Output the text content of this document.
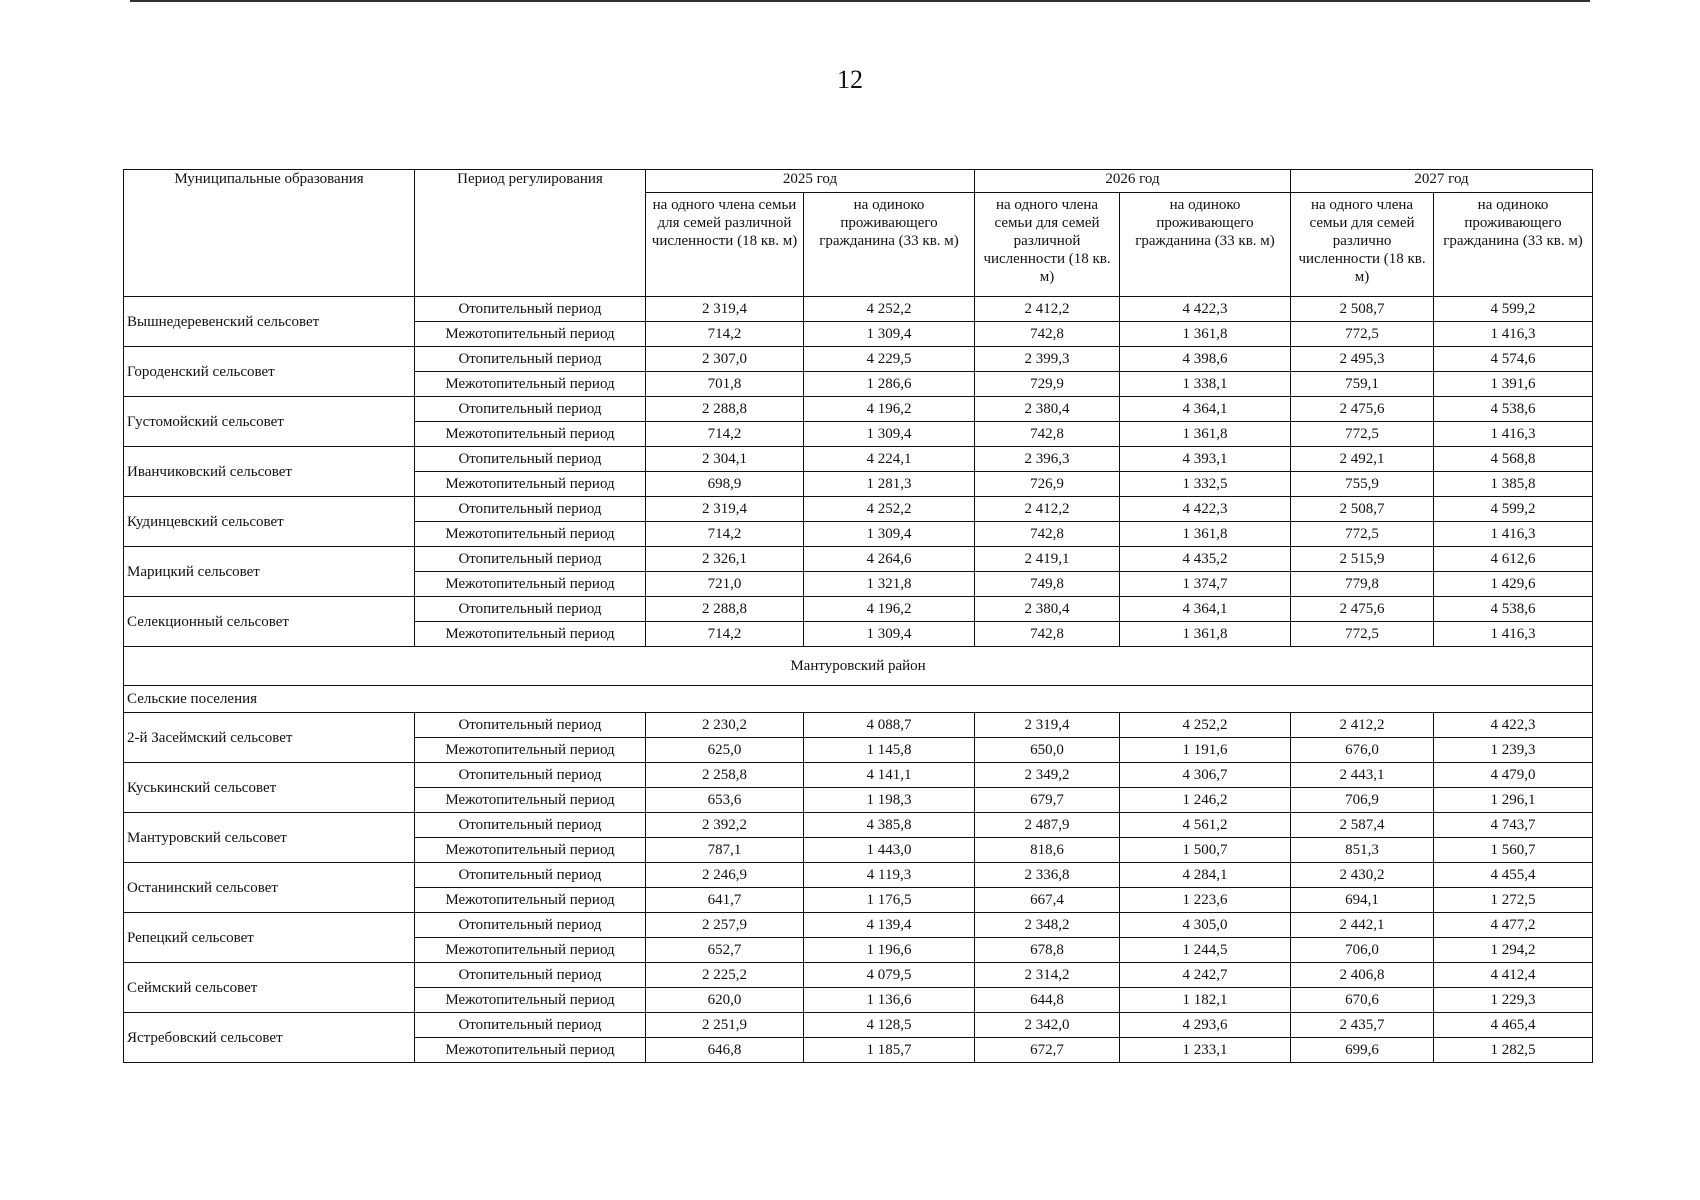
12
Муниципальные образования	Период регулирования	2025 год		2026 год		2027 год	
		на одного члена семьи для семей различной численности (18 кв. м)	на одиноко проживающего гражданина (33 кв. м)	на одного члена семьи для семей различной численности (18 кв. м)	на одиноко проживающего гражданина (33 кв. м)	на одного члена семьи для семей различно численности (18 кв. м)	на одиноко проживающего гражданина (33 кв. м)
Вышнедеревенский сельсовет	Отопительный период	2 319,4	4 252,2	2 412,2	4 422,3	2 508,7	4 599,2
	Межотопительный период	714,2	1 309,4	742,8	1 361,8	772,5	1 416,3
Городенский сельсовет	Отопительный период	2 307,0	4 229,5	2 399,3	4 398,6	2 495,3	4 574,6
	Межотопительный период	701,8	1 286,6	729,9	1 338,1	759,1	1 391,6
Густомойский сельсовет	Отопительный период	2 288,8	4 196,2	2 380,4	4 364,1	2 475,6	4 538,6
	Межотопительный период	714,2	1 309,4	742,8	1 361,8	772,5	1 416,3
Иванчиковский сельсовет	Отопительный период	2 304,1	4 224,1	2 396,3	4 393,1	2 492,1	4 568,8
	Межотопительный период	698,9	1 281,3	726,9	1 332,5	755,9	1 385,8
Кудинцевский сельсовет	Отопительный период	2 319,4	4 252,2	2 412,2	4 422,3	2 508,7	4 599,2
	Межотопительный период	714,2	1 309,4	742,8	1 361,8	772,5	1 416,3
Марицкий сельсовет	Отопительный период	2 326,1	4 264,6	2 419,1	4 435,2	2 515,9	4 612,6
	Межотопительный период	721,0	1 321,8	749,8	1 374,7	779,8	1 429,6
Селекционный сельсовет	Отопительный период	2 288,8	4 196,2	2 380,4	4 364,1	2 475,6	4 538,6
	Межотопительный период	714,2	1 309,4	742,8	1 361,8	772,5	1 416,3
Мантуровский район							
Сельские поселения							
2-й Засеймский сельсовет	Отопительный период	2 230,2	4 088,7	2 319,4	4 252,2	2 412,2	4 422,3
	Межотопительный период	625,0	1 145,8	650,0	1 191,6	676,0	1 239,3
Куськинский сельсовет	Отопительный период	2 258,8	4 141,1	2 349,2	4 306,7	2 443,1	4 479,0
	Межотопительный период	653,6	1 198,3	679,7	1 246,2	706,9	1 296,1
Мантуровский сельсовет	Отопительный период	2 392,2	4 385,8	2 487,9	4 561,2	2 587,4	4 743,7
	Межотопительный период	787,1	1 443,0	818,6	1 500,7	851,3	1 560,7
Останинский сельсовет	Отопительный период	2 246,9	4 119,3	2 336,8	4 284,1	2 430,2	4 455,4
	Межотопительный период	641,7	1 176,5	667,4	1 223,6	694,1	1 272,5
Репецкий сельсовет	Отопительный период	2 257,9	4 139,4	2 348,2	4 305,0	2 442,1	4 477,2
	Межотопительный период	652,7	1 196,6	678,8	1 244,5	706,0	1 294,2
Сеймский сельсовет	Отопительный период	2 225,2	4 079,5	2 314,2	4 242,7	2 406,8	4 412,4
	Межотопительный период	620,0	1 136,6	644,8	1 182,1	670,6	1 229,3
Ястребовский сельсовет	Отопительный период	2 251,9	4 128,5	2 342,0	4 293,6	2 435,7	4 465,4
	Межотопительный период	646,8	1 185,7	672,7	1 233,1	699,6	1 282,5
